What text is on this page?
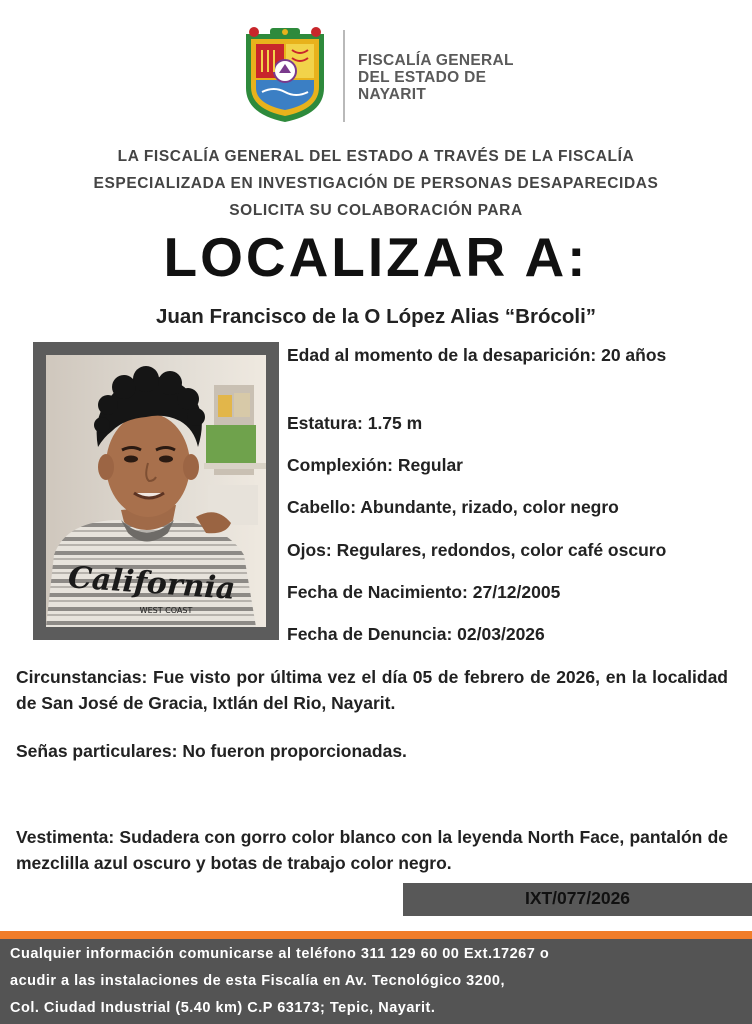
FISCALÍA GENERAL
DEL ESTADO DE
NAYARIT
LA FISCALÍA GENERAL DEL ESTADO A TRAVÉS DE LA FISCALÍA
ESPECIALIZADA EN INVESTIGACIÓN DE PERSONAS DESAPARECIDAS
SOLICITA SU COLABORACIÓN PARA
LOCALIZAR A:
Juan Francisco de la O López Alias “Brócoli”
California
WEST COAST
Edad al momento de la desaparición: 20 años
Estatura: 1.75 m
Complexión: Regular
Cabello: Abundante, rizado, color negro
Ojos: Regulares, redondos, color café oscuro
Fecha de Nacimiento: 27/12/2005
Fecha de Denuncia: 02/03/2026
Circunstancias: Fue visto por última vez el día 05 de febrero de 2026, en la localidad de San José de Gracia, Ixtlán del Rio, Nayarit.
Señas particulares: No fueron proporcionadas.
Vestimenta: Sudadera con gorro color blanco con la leyenda North Face, pantalón de mezclilla azul oscuro y botas de trabajo color negro.
IXT/077/2026
Cualquier información comunicarse al teléfono 311 129 60 00 Ext.17267 o
acudir a las instalaciones de esta Fiscalía en Av. Tecnológico 3200,
Col. Ciudad Industrial (5.40 km) C.P 63173; Tepic, Nayarit.
